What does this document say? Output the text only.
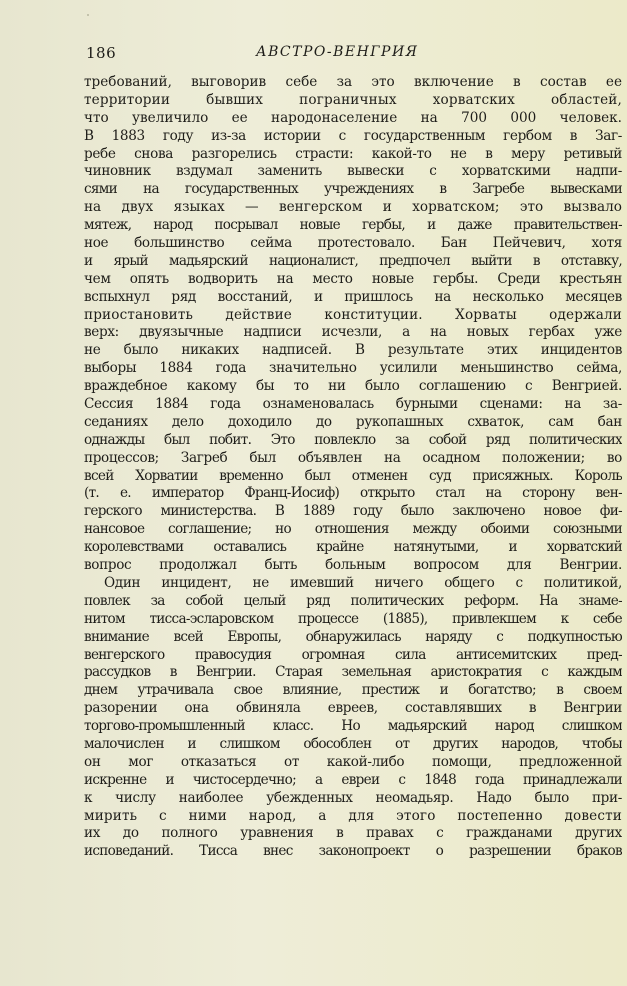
186	АВСТРО-ВЕНГРИЯ
требований, выговорив себе за это включение в состав ее
территории бывших пограничных хорватских областей,
что увеличило ее народонаселение на 700 000 человек.
В 1883 году из-за истории с государственным гербом в Заг-
ребе снова разгорелись страсти: какой-то не в меру ретивый
чиновник вздумал заменить вывески с хорватскими надпи-
сями на государственных учреждениях в Загребе вывесками
на двух языках — венгерском и хорватском; это вызвало
мятеж, народ посрывал новые гербы, и даже правительствен-
ное большинство сейма протестовало. Бан Пейчевич, хотя
и ярый мадьярский националист, предпочел выйти в отставку,
чем опять водворить на место новые гербы. Среди крестьян
вспыхнул ряд восстаний, и пришлось на несколько месяцев
приостановить действие конституции. Хорваты одержали
верх: двуязычные надписи исчезли, а на новых гербах уже
не было никаких надписей. В результате этих инцидентов
выборы 1884 года значительно усилили меньшинство сейма,
враждебное какому бы то ни было соглашению с Венгрией.
Сессия 1884 года ознаменовалась бурными сценами: на за-
седаниях дело доходило до рукопашных схваток, сам бан
однажды был побит. Это повлекло за собой ряд политических
процессов; Загреб был объявлен на осадном положении; во
всей Хорватии временно был отменен суд присяжных. Король
(т. е. император Франц-Иосиф) открыто стал на сторону вен-
герского министерства. В 1889 году было заключено новое фи-
нансовое соглашение; но отношения между обоими союзными
королевствами оставались крайне натянутыми, и хорватский
вопрос продолжал быть больным вопросом для Венгрии.
Один инцидент, не имевший ничего общего с политикой,
повлек за собой целый ряд политических реформ. На знаме-
нитом тисса-эсларовском процессе (1885), привлекшем к себе
внимание всей Европы, обнаружилась наряду с подкупностью
венгерского правосудия огромная сила антисемитских пред-
рассудков в Венгрии. Старая земельная аристократия с каждым
днем утрачивала свое влияние, престиж и богатство; в своем
разорении она обвиняла евреев, составлявших в Венгрии
торгово-промышленный класс. Но мадьярский народ слишком
малочислен и слишком обособлен от других народов, чтобы
он мог отказаться от какой-либо помощи, предложенной
искренне и чистосердечно; а евреи с 1848 года принадлежали
к числу наиболее убежденных неомадьяр. Надо было при-
мирить с ними народ, а для этого постепенно довести
их до полного уравнения в правах с гражданами других
исповеданий. Тисса внес законопроект о разрешении браков
